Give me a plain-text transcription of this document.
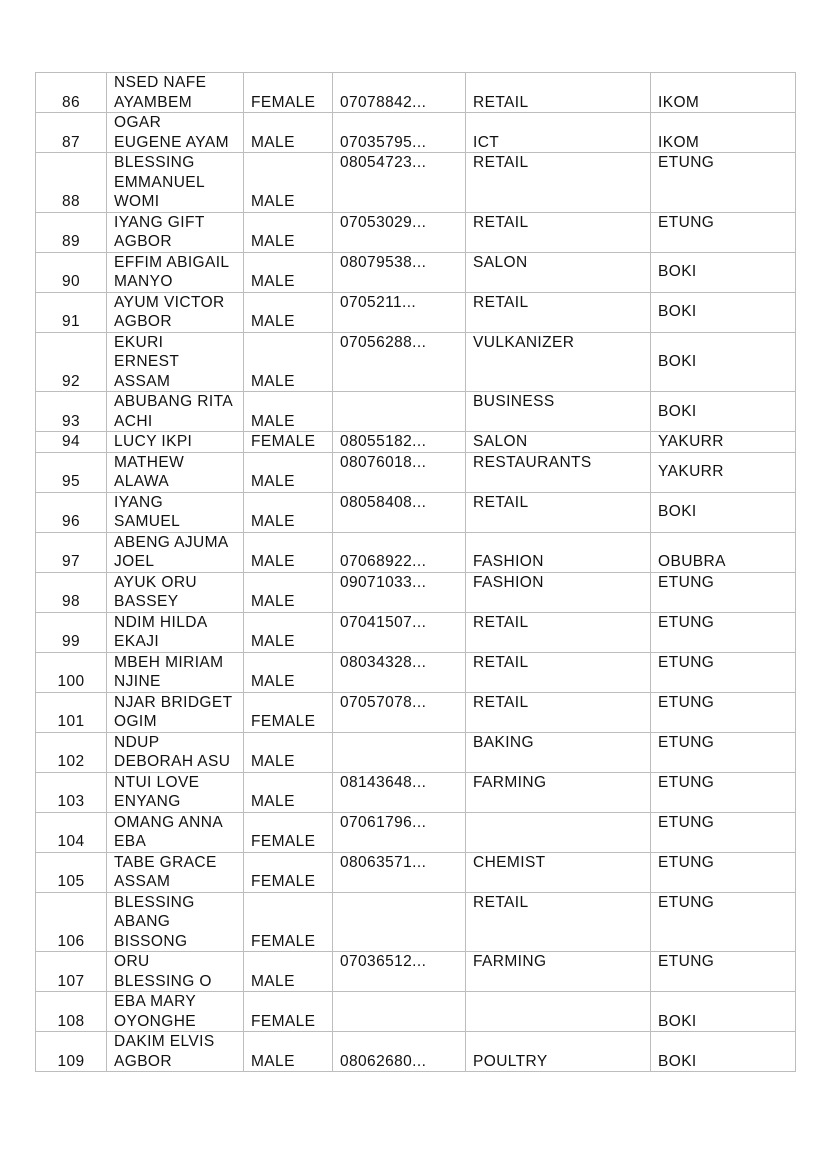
86	NSED NAFE
AYAMBEM	FEMALE	07078842...	RETAIL	IKOM
87	OGAR
EUGENE AYAM	MALE	07035795...	ICT	IKOM
88	BLESSING
EMMANUEL
WOMI	MALE	08054723...	RETAIL	ETUNG
89	IYANG GIFT
AGBOR	MALE	07053029...	RETAIL	ETUNG
90	EFFIM ABIGAIL
MANYO	MALE	08079538...	SALON	BOKI
91	AYUM VICTOR
AGBOR	MALE	0705211...	RETAIL	BOKI
92	EKURI
ERNEST
ASSAM	MALE	07056288...	VULKANIZER	BOKI
93	ABUBANG RITA
ACHI	MALE		BUSINESS	BOKI
94	LUCY IKPI	FEMALE	08055182...	SALON	YAKURR
95	MATHEW
ALAWA	MALE	08076018...	RESTAURANTS	YAKURR
96	IYANG
SAMUEL	MALE	08058408...	RETAIL	BOKI
97	ABENG AJUMA
JOEL	MALE	07068922...	FASHION	OBUBRA
98	AYUK ORU
BASSEY	MALE	09071033...	FASHION	ETUNG
99	NDIM HILDA
EKAJI	MALE	07041507...	RETAIL	ETUNG
100	MBEH MIRIAM
NJINE	MALE	08034328...	RETAIL	ETUNG
101	NJAR BRIDGET
OGIM	FEMALE	07057078...	RETAIL	ETUNG
102	NDUP
DEBORAH ASU	MALE		BAKING	ETUNG
103	NTUI LOVE
ENYANG	MALE	08143648...	FARMING	ETUNG
104	OMANG ANNA
EBA	FEMALE	07061796...		ETUNG
105	TABE GRACE
ASSAM	FEMALE	08063571...	CHEMIST	ETUNG
106	BLESSING
ABANG
BISSONG	FEMALE		RETAIL	ETUNG
107	ORU
BLESSING O	MALE	07036512...	FARMING	ETUNG
108	EBA MARY
OYONGHE	FEMALE			BOKI
109	DAKIM ELVIS
AGBOR	MALE	08062680...	POULTRY	BOKI
